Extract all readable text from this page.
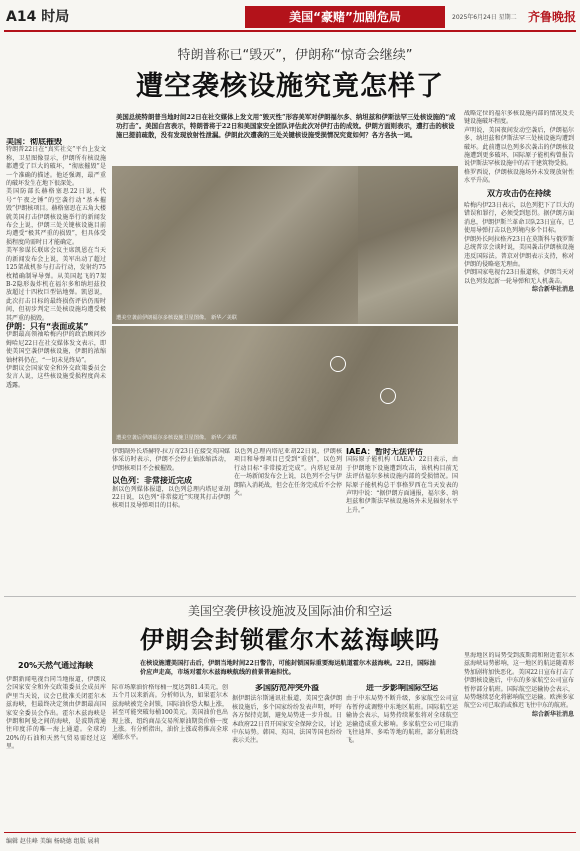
A14 时局	美国“豪赌”加剧危局	2025年6月24日 星期二 齐鲁晚报
特朗普称已“毁灭”，伊朗称“惊奇会继续”
遭空袭核设施究竟怎样了
美国总统特朗普当地时间22日在社交媒体上发文用“毁灭性”形容美军对伊朗福尔多、纳坦兹和伊斯法罕三处核设施的“成功打击”。美国白宫表示，特朗普将于22日和美国家安全团队评估此次对伊打击的成效。伊朗方面则表示，遭打击的核设施已提前疏散，没有发现放射性泄漏。伊朗此次遭袭的三处关键核设施受损情况究竟如何？各方各执一词。
美国：彻底摧毁
特朗普22日在“真实社交”平台上发文称，卫星图像显示，伊朗所有核设施都遭受了巨大的破坏，“彻底摧毁”是一个准确的描述。他还强调，最严重的破坏发生在地下很深处。
美国防部长赫格塞思22日说，代号“午夜之锤”的空袭行动“基本摧毁”伊朗核项目。赫格塞思在五角大楼就美国打击伊朗核设施举行的新闻发布会上说，伊朗三处关键核设施目前均遭受“极其严重的损毁”，但具体受损程度尚需时日才能确定。
美军参谋长联席会议主席凯恩在当天的新闻发布会上说，美军出动了超过125架战机参与打击行动，发射约75枚精确制导导弹。从美国起飞的7架B-2隐形轰炸机在福尔多和纳坦兹投放超过十四枚巨型钻地弹。凯恩说，此次打击目标的最终损伤评估仍需时间，但初步判定三处核设施均遭受极其严重的损毁。
伊朗：只有“表面或某”
伊朗最高领袖哈梅内伊的政治顾问沙姆哈尼22日在社交媒体发文表示，即使美国空袭伊朗核设施，伊朗的浓缩铀材料仍在，“一切未见终局”。
伊朗议会国家安全和外交政策委员会发言人说，这些核设施受损程度尚未透露。
遭美空袭前伊朗福尔多核设施卫星图像。 新华／美联
遭美空袭后伊朗福尔多核设施卫星图像。 新华／美联
伊朗副外长塔赫特-拉万奇23日在接受英国媒体采访时表示，伊朗不会停止铀浓缩活动，伊朗核项目不会被摧毁。
以色列：非常接近完成
据以色列媒体报道，以色列总理内塔尼亚胡22日说，以色列“非常接近”实现其打击伊朗核项目及导弹项目的目标。
以色列总理内塔尼亚胡22日说，伊朗核项目和导弹项目已受到“重创”，以色列行动目标“非常接近完成”。内塔尼亚胡在一场新闻发布会上说，以色列不会与伊朗陷入消耗战，但会在任务完成后不会停火。
IAEA：暂时无法评估
国际原子能机构（IAEA）22日表示，由于伊朗地下设施遭到攻击，该机构目前无法评估福尔多核设施内部的受损情况。国际原子能机构总干事格罗西在当天发表的声明中说：“据伊朗方面通报，福尔多、纳坦兹和伊斯法罕核设施场外未见辐射水平上升。”
战略定位的福尔多核设施内部的情况及关键设施破坏程度。
声明说，美国夜间发动空袭后，伊朗福尔多、纳坦兹和伊斯法罕三处核设施均遭到破坏。此前遭以色列多次袭击的伊朗核设施遭到更多破坏，国际原子能机构曾报告说伊斯法罕核设施中的若干建筑物受损。
格罗西说，伊朗核设施场外未发现放射性水平升高。
双方攻击仍在持续
哈梅内伊23日表示，以色列犯下了巨大的错误和罪行，必须受到惩罚。据伊朗方面消息，伊朗伊斯兰革命卫队23日宣布，已使用导弹打击以色列境内多个目标。
伊朗外长阿拉格齐23日在莫斯科与俄罗斯总统普京会谈时说，美国袭击伊朗核设施违反国际法。普京对伊朗表示支持，称对伊朗的侵略毫无理由。
伊朗国家电视台23日报道称，伊朗当天对以色列发起新一轮导弹和无人机袭击。
综合新华社消息
美国空袭伊核设施波及国际油价和空运
伊朗会封锁霍尔木兹海峡吗
在核设施遭美国打击后，伊朗当地时间22日警告，可能封锁国际重要海运航道霍尔木兹海峡。22日，国际油价应声走高，市场对霍尔木兹海峡航线的前景普遍担忧。
20%天然气通过海峡
伊朗新闻电视台同当地报道，伊朗议会国家安全和外交政策委员会成员库萨里当天说，议会已批准关闭霍尔木兹海峡，但最终决定须由伊朗最高国家安全委员会作出。霍尔木兹海峡是伊朗和阿曼之间的海峡，是波斯湾通往印度洋的唯一海上通道。全球约20%的石油和天然气贸易需经过这里。
际市场原油价格每桶一度达到81.4美元，创五个月以来新高。分析师认为，如果霍尔木兹海峡被完全封锁，国际油价恐大幅上涨，甚至可能突破每桶100美元。美国油价也出现上涨，纽约商品交易所原油期货价格一度上涨。有分析指出，油价上涨或将推高全球通胀水平。
多国防范冲突外溢
据伊朗法尔斯通讯社报道，美国空袭伊朗核设施后，多个国家纷纷发表声明，呼吁各方保持克制，避免局势进一步升级。日本政府22日召开国家安全保障会议，讨论中东局势。韩国、英国、法国等国也纷纷表示关注。
进一步影响国际空运
由于中东局势不断升级，多家航空公司宣布暂停或调整中东地区航班。国际航空运输协会表示，局势持续紧张将对全球航空运输造成重大影响。多家航空公司已取消飞往迪拜、多哈等地的航班，部分航班绕飞。
里海地区的局势受到波斯湾和附近霍尔木兹海峡局势影响，这一地区的航运随着形势加剧将加快恶化。美国22日宣布打击了伊朗核设施后，中东的多家航空公司宣布暂停部分航班。国际航空运输协会表示，局势继续恶化将影响航空运输。欧洲多家航空公司已取消或推迟飞往中东的航班。
综合新华社消息
编辑 赵佳峰 美编 杨晓德 组版 展莉
